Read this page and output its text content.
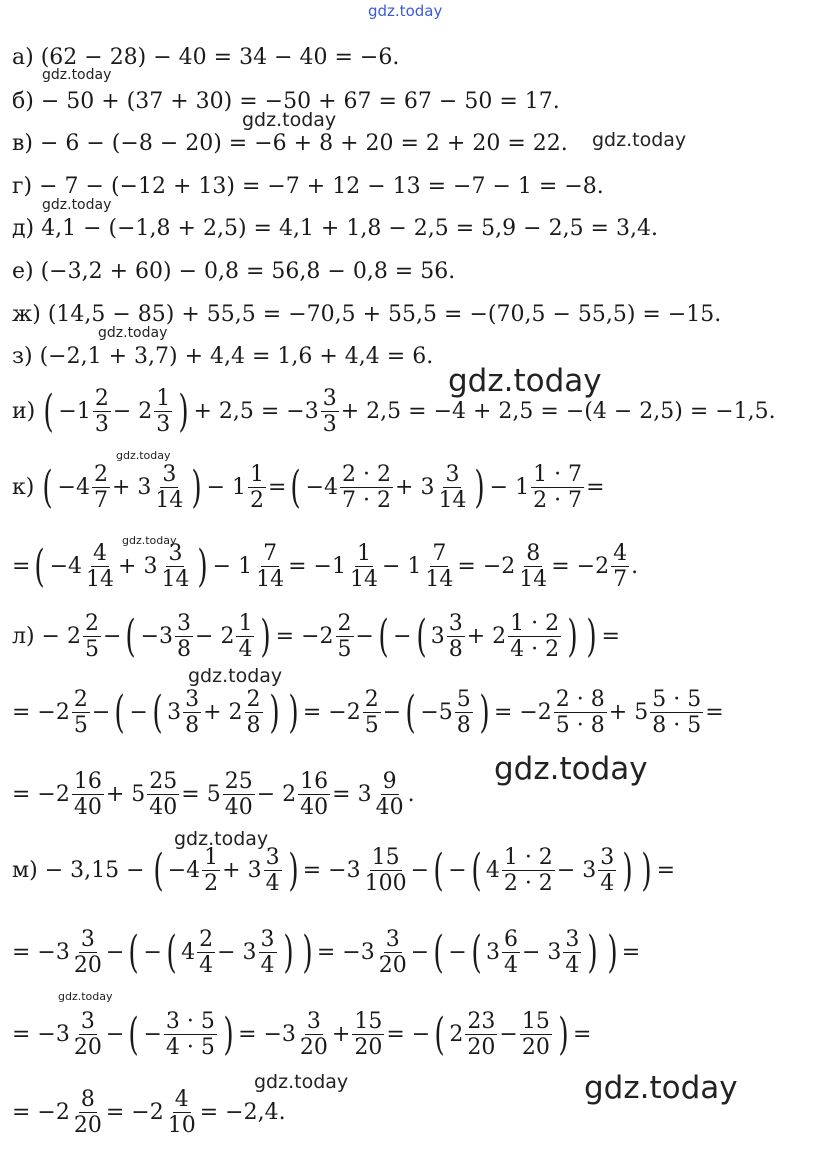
gdz.today
gdz.today
gdz.today
gdz.today
gdz.today
gdz.today
gdz.today
gdz.today
gdz.today
gdz.today
gdz.today
gdz.today
gdz.today
gdz.today	gdz.today
а) (62 − 28) − 40 = 34 − 40 = −6.
б) − 50 + (37 + 30) = −50 + 67 = 67 − 50 = 17.
в) − 6 − (−8 − 20) = −6 + 8 + 20 = 2 + 20 = 22.
г) − 7 − (−12 + 13) = −7 + 12 − 13 = −7 − 1 = −8.
д) 4,1 − (−1,8 + 2,5) = 4,1 + 1,8 − 2,5 = 5,9 − 2,5 = 3,4.
е) (−3,2 + 60) − 0,8 = 56,8 − 0,8 = 56.
ж) (14,5 − 85) + 55,5 = −70,5 + 55,5 = −(70,5 − 55,5) = −15.
з) (−2,1 + 3,7) + 4,4 = 1,6 + 4,4 = 6.
и) ( $-1 \frac{2}{3} - 2 \frac{1}{3}$ ) + $2,5 = -3 \frac{3}{3} + 2,5 = -4 + 2,5 = -(4 - 2,5) = -1,5$.
к) ( $-4 \frac{2}{7} + 3 \frac{3}{14}$ ) − $1 \frac{1}{2}$ = ( $-4 \frac{2 \cdot 2}{7 \cdot 2} + 3 \frac{3}{14}$ ) − $1 \frac{1 \cdot 7}{2 \cdot 7}$ =
= ( $-4 \frac{4}{14} + 3 \frac{3}{14}$ ) − $1 \frac{7}{14} = -1 \frac{1}{14} - 1 \frac{7}{14} = -2 \frac{8}{14} = -2 \frac{4}{7}$ .
$л) - 2 \frac{2}{5}$ − ( $-3 \frac{3}{8} - 2 \frac{1}{4}$ ) = $-2 \frac{2}{5}$ − ( − ( $3 \frac{3}{8} + 2 \frac{1 \cdot 2}{4 \cdot 2}$ ) ) =
= $-2 \frac{2}{5}$ − ( − ( $3 \frac{3}{8} + 2 \frac{2}{8}$ ) ) = $-2 \frac{2}{5}$ − ( $-5 \frac{5}{8}$ ) = $-2 \frac{2 \cdot 8}{5 \cdot 8} + 5 \frac{5 \cdot 5}{8 \cdot 5}$ =
= $-2 \frac{16}{40} + 5 \frac{25}{40} = 5 \frac{25}{40} - 2 \frac{16}{40} = 3 \frac{9}{40}$ .
м) − 3,15 − ( $-4 \frac{1}{2} + 3 \frac{3}{4}$ ) = $-3 \frac{15}{100}$ − ( − ( $4 \frac{1 \cdot 2}{2 \cdot 2} - 3 \frac{3}{4}$ ) ) =
= $-3 \frac{3}{20}$ − ( − ( $4 \frac{2}{4} - 3 \frac{3}{4}$ ) ) = $-3 \frac{3}{20}$ − ( − ( $3 \frac{6}{4} - 3 \frac{3}{4}$ ) ) =
= $-3 \frac{3}{20}$ − ( − $\frac{3 \cdot 5}{4 \cdot 5}$ ) = $-3 \frac{3}{20} + \frac{15}{20}$ = − ( $2 \frac{23}{20} - \frac{15}{20}$ ) =
= $-2 \frac{8}{20} = -2 \frac{4}{10} = -2,4$.
